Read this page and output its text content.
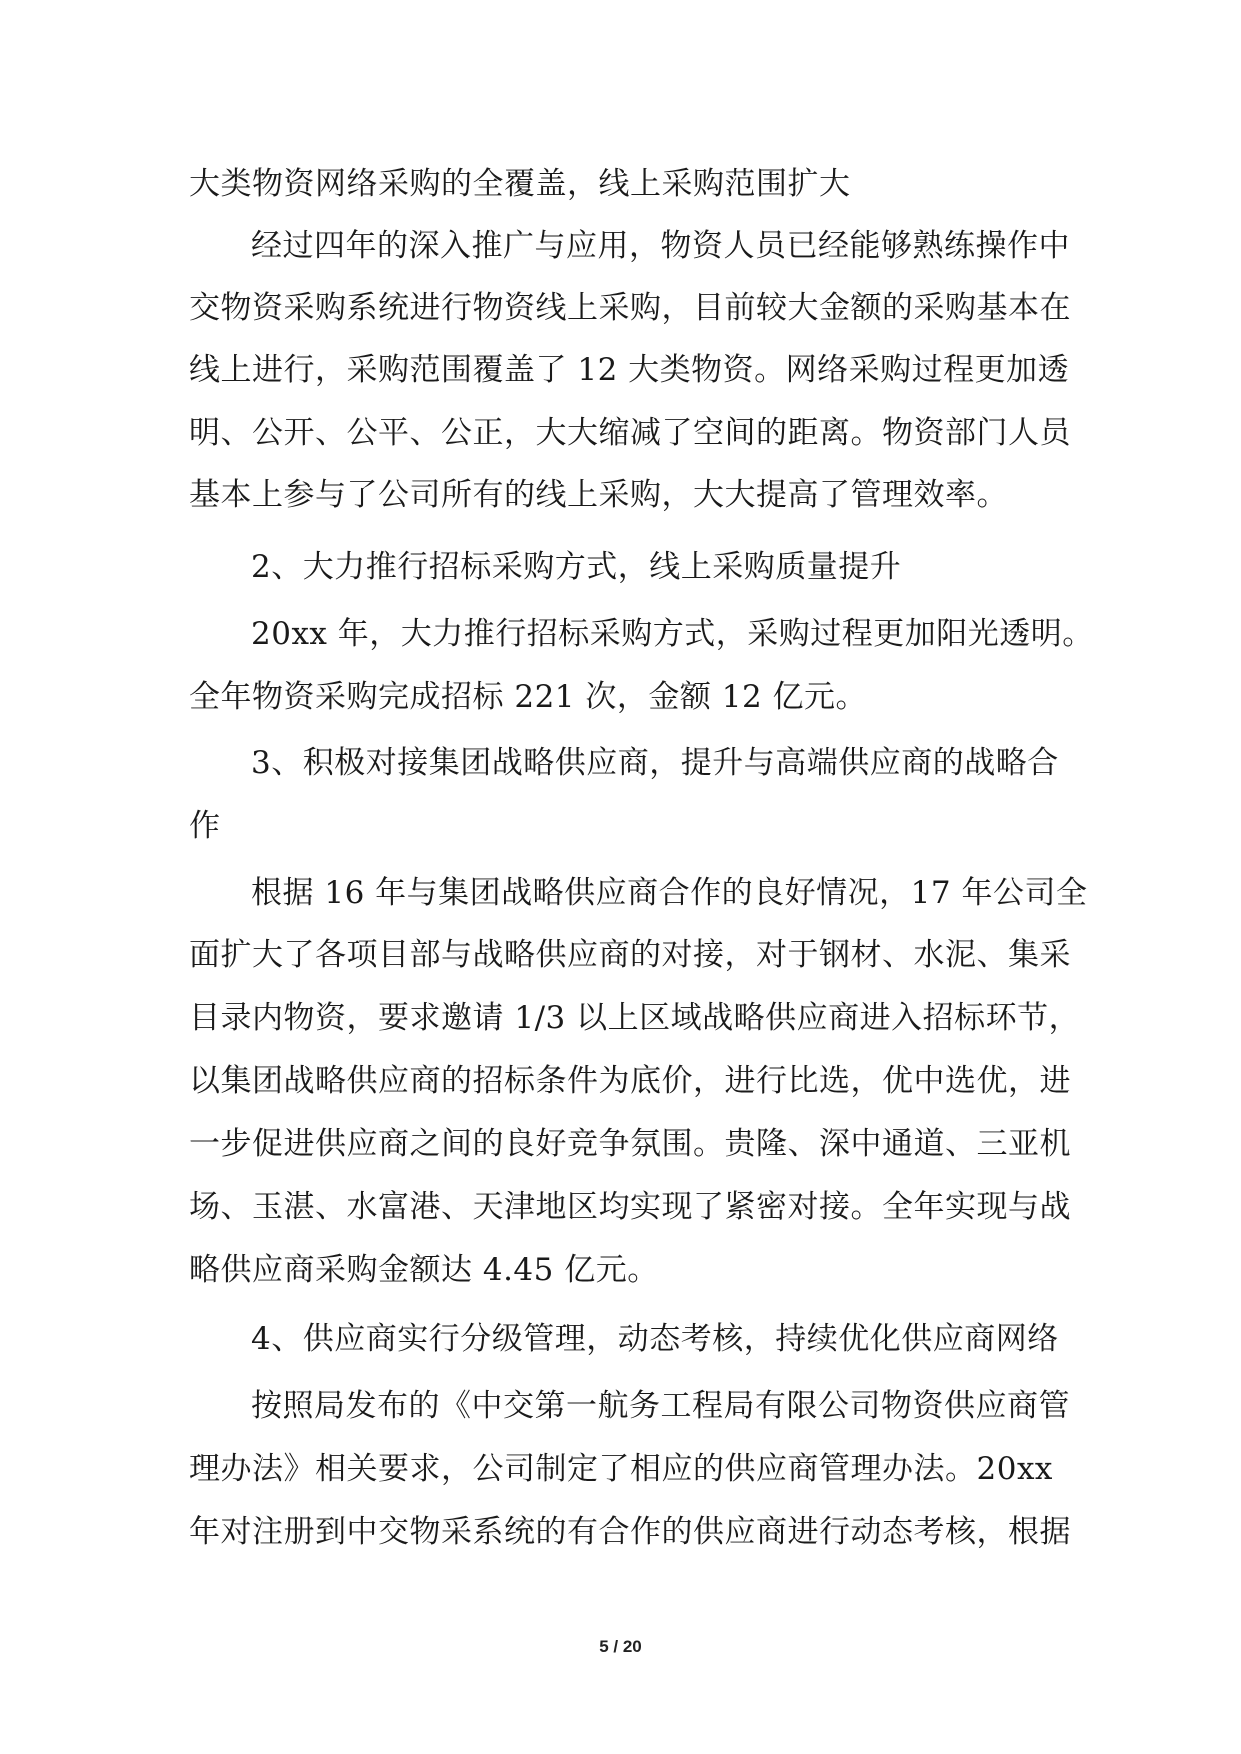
大类物资网络采购的全覆盖，线上采购范围扩大
经过四年的深入推广与应用，物资人员已经能够熟练操作中
交物资采购系统进行物资线上采购，目前较大金额的采购基本在
线上进行，采购范围覆盖了 12 大类物资。网络采购过程更加透
明、公开、公平、公正，大大缩减了空间的距离。物资部门人员
基本上参与了公司所有的线上采购，大大提高了管理效率。
2、大力推行招标采购方式，线上采购质量提升
20xx 年，大力推行招标采购方式，采购过程更加阳光透明。
全年物资采购完成招标 221 次，金额 12 亿元。
3、积极对接集团战略供应商，提升与高端供应商的战略合
作
根据 16 年与集团战略供应商合作的良好情况，17 年公司全
面扩大了各项目部与战略供应商的对接，对于钢材、水泥、集采
目录内物资，要求邀请 1/3 以上区域战略供应商进入招标环节，
以集团战略供应商的招标条件为底价，进行比选，优中选优，进
一步促进供应商之间的良好竞争氛围。贵隆、深中通道、三亚机
场、玉湛、水富港、天津地区均实现了紧密对接。全年实现与战
略供应商采购金额达 4.45 亿元。
4、供应商实行分级管理，动态考核，持续优化供应商网络
按照局发布的《中交第一航务工程局有限公司物资供应商管
理办法》相关要求，公司制定了相应的供应商管理办法。20xx
年对注册到中交物采系统的有合作的供应商进行动态考核，根据
5 / 20
